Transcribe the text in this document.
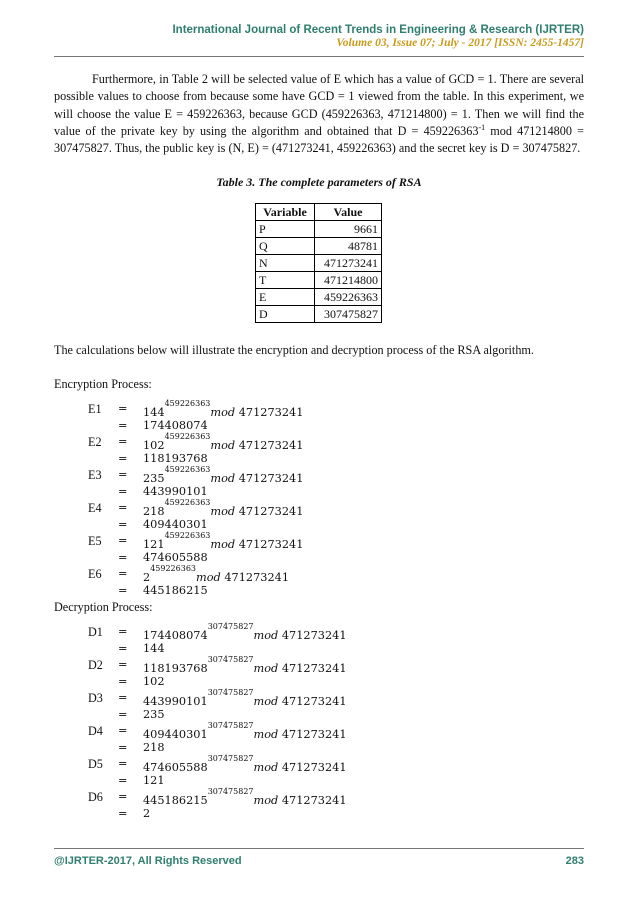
International Journal of Recent Trends in Engineering & Research (IJRTER)
Volume 03, Issue 07; July - 2017 [ISSN: 2455-1457]
Furthermore, in Table 2 will be selected value of E which has a value of GCD = 1. There are several possible values to choose from because some have GCD = 1 viewed from the table. In this experiment, we will choose the value E = 459226363, because GCD (459226363, 471214800) = 1. Then we will find the value of the private key by using the algorithm and obtained that $D = 459226363^{-1}$ mod 471214800 = 307475827. Thus, the public key is (N, E) = (471273241, 459226363) and the secret key is D = 307475827.
Table 3. The complete parameters of RSA
Variable	Value
P	9661
Q	48781
N	471273241
T	471214800
E	459226363
D	307475827
The calculations below will illustrate the encryption and decryption process of the RSA algorithm.
Encryption Process:
$E1 = 144^{459226363}mod$ 471273241
= 174408074
$E2 = 102^{459226363}mod$ 471273241
= 118193768
$E3 = 235^{459226363}mod$ 471273241
= 443990101
$E4 = 218^{459226363}mod$ 471273241
= 409440301
$E5 = 121^{459226363}mod$ 471273241
= 474605588
$E6 = 2^{459226363}mod$ 471273241
= 445186215
Decryption Process:
$D1 = 174408074^{307475827}mod$ 471273241
= 144
$D2 = 118193768^{307475827}mod$ 471273241
= 102
$D3 = 443990101^{307475827}mod$ 471273241
= 235
$D4 = 409440301^{307475827}mod$ 471273241
= 218
$D5 = 474605588^{307475827}mod$ 471273241
= 121
$D6 = 445186215^{307475827}mod$ 471273241
= 2
@IJRTER-2017, All Rights Reserved	283
